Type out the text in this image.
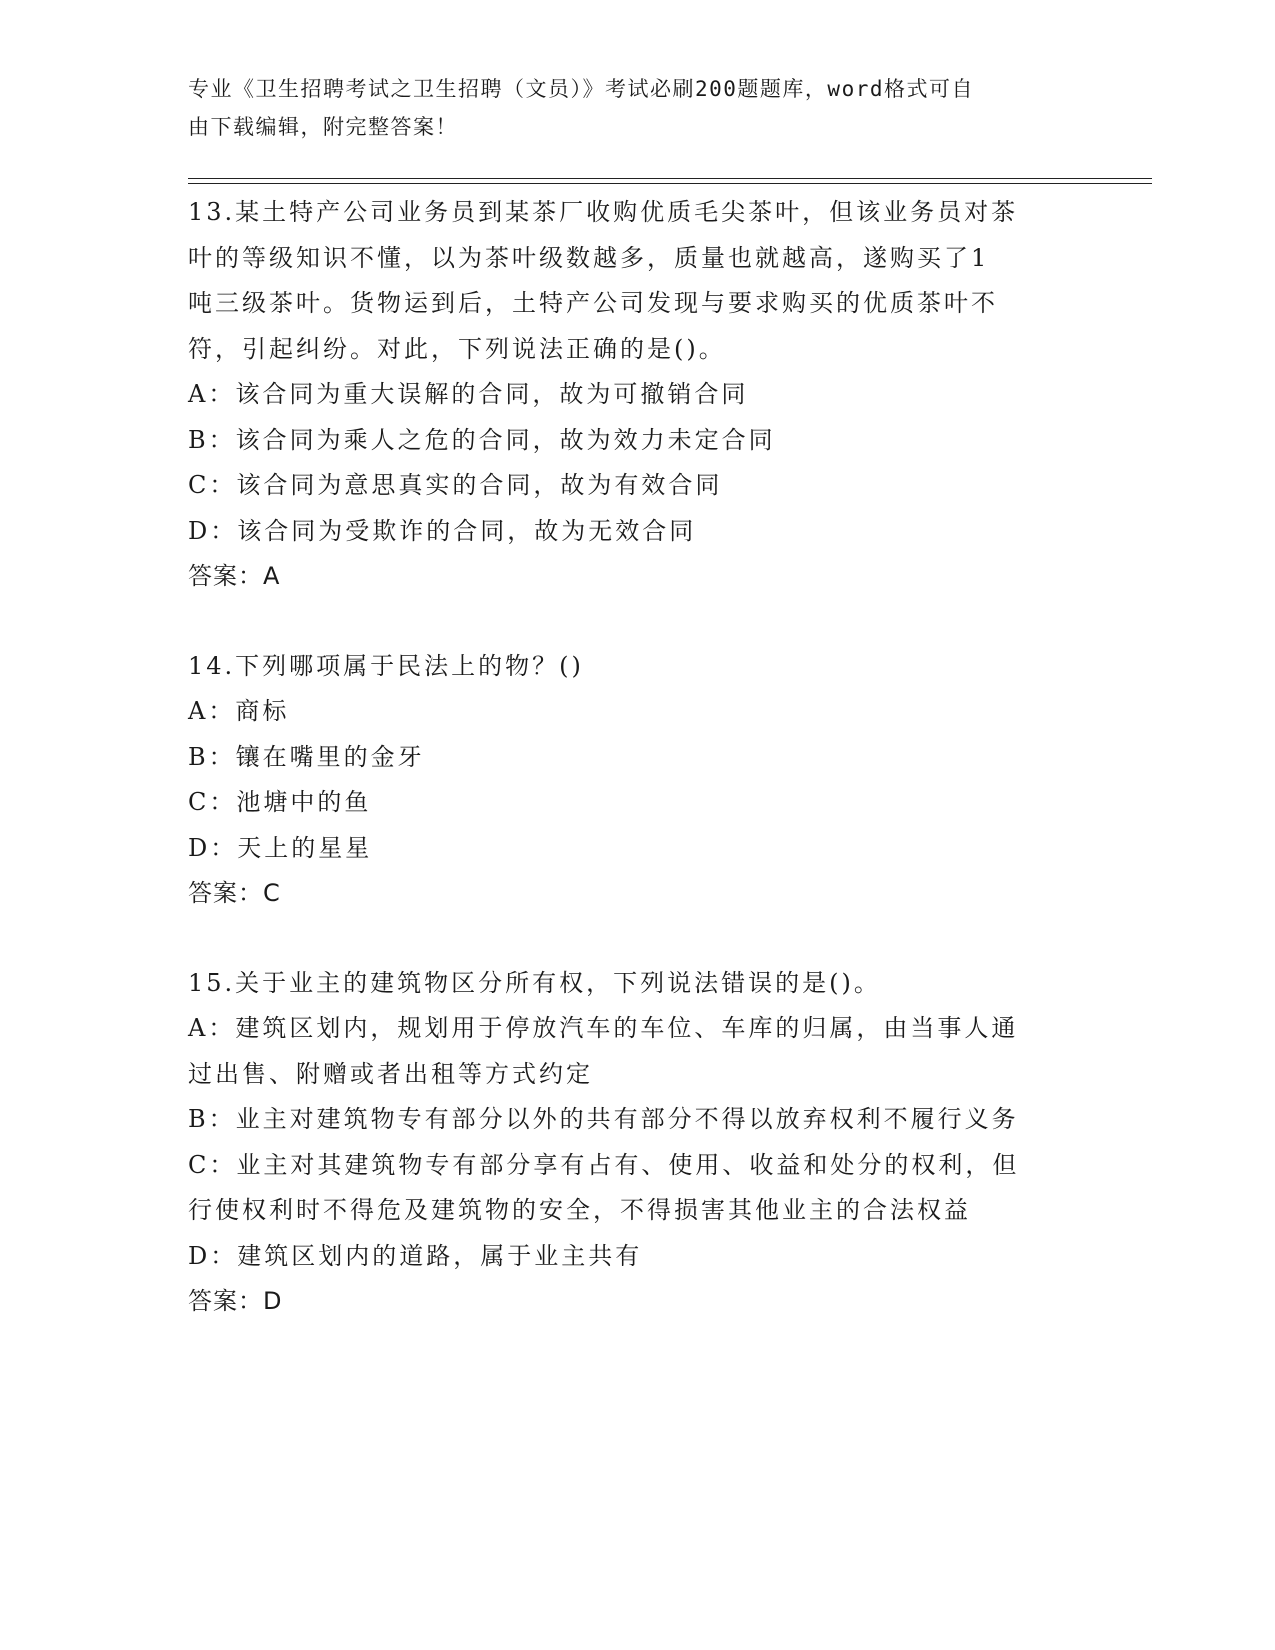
专业《卫生招聘考试之卫生招聘（文员）》考试必刷200题题库，word格式可自
由下载编辑，附完整答案！
13.某土特产公司业务员到某茶厂收购优质毛尖茶叶，但该业务员对茶
叶的等级知识不懂，以为茶叶级数越多，质量也就越高，遂购买了1
吨三级茶叶。货物运到后，土特产公司发现与要求购买的优质茶叶不
符，引起纠纷。对此，下列说法正确的是()。
A：该合同为重大误解的合同，故为可撤销合同
B：该合同为乘人之危的合同，故为效力未定合同
C：该合同为意思真实的合同，故为有效合同
D：该合同为受欺诈的合同，故为无效合同
答案：A
14.下列哪项属于民法上的物？()
A：商标
B：镶在嘴里的金牙
C：池塘中的鱼
D：天上的星星
答案：C
15.关于业主的建筑物区分所有权，下列说法错误的是()。
A：建筑区划内，规划用于停放汽车的车位、车库的归属，由当事人通
过出售、附赠或者出租等方式约定
B：业主对建筑物专有部分以外的共有部分不得以放弃权利不履行义务
C：业主对其建筑物专有部分享有占有、使用、收益和处分的权利，但
行使权利时不得危及建筑物的安全，不得损害其他业主的合法权益
D：建筑区划内的道路，属于业主共有
答案：D
